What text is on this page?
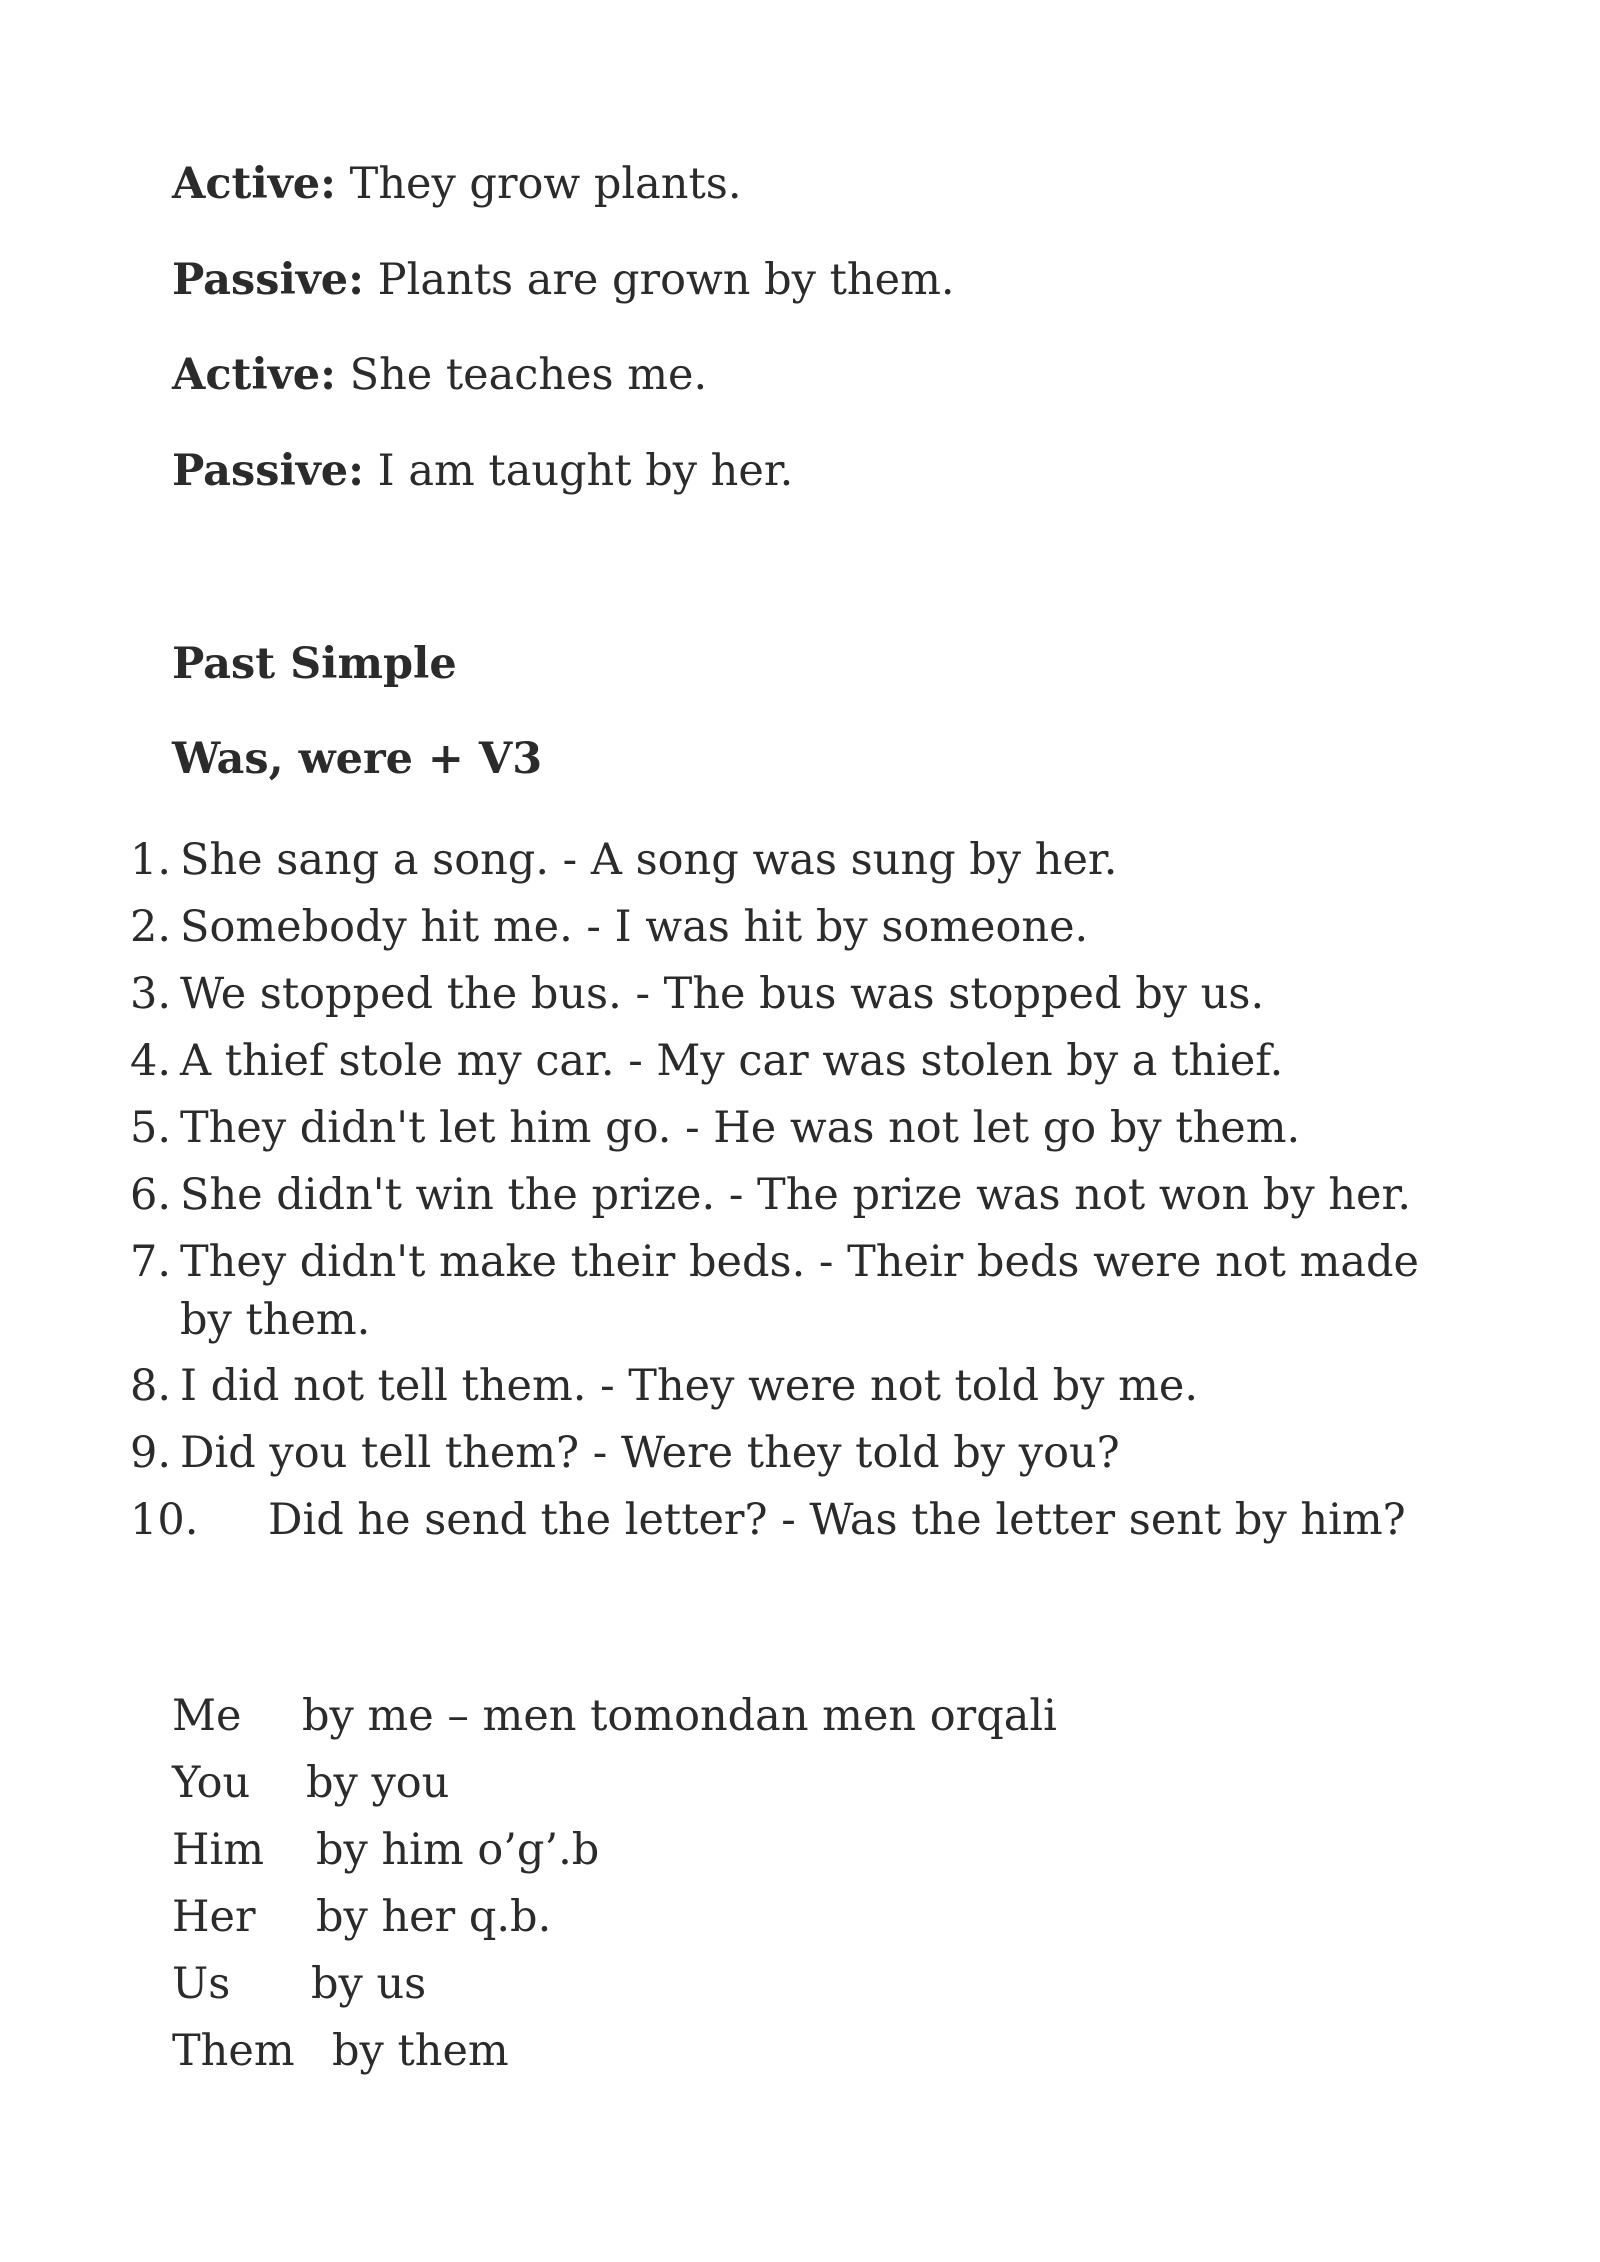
Active: They grow plants.
Passive: Plants are grown by them.
Active: She teaches me.
Passive: I am taught by her.
Past Simple
Was, were + V3
1. She sang a song. - A song was sung by her.
2. Somebody hit me. - I was hit by someone.
3. We stopped the bus. - The bus was stopped by us.
4. A thief stole my car. - My car was stolen by a thief.
5. They didn't let him go. - He was not let go by them.
6. She didn't win the prize. - The prize was not won by her.
7. They didn't make their beds. - Their beds were not made by them.
8. I did not tell them. - They were not told by me.
9. Did you tell them? - Were they told by you?
10.	Did he send the letter? - Was the letter sent by him?
Me	by me – men tomondan men orqali
You	by you
Him	by him o’g’.b
Her	by her q.b.
Us	by us
Them by them
